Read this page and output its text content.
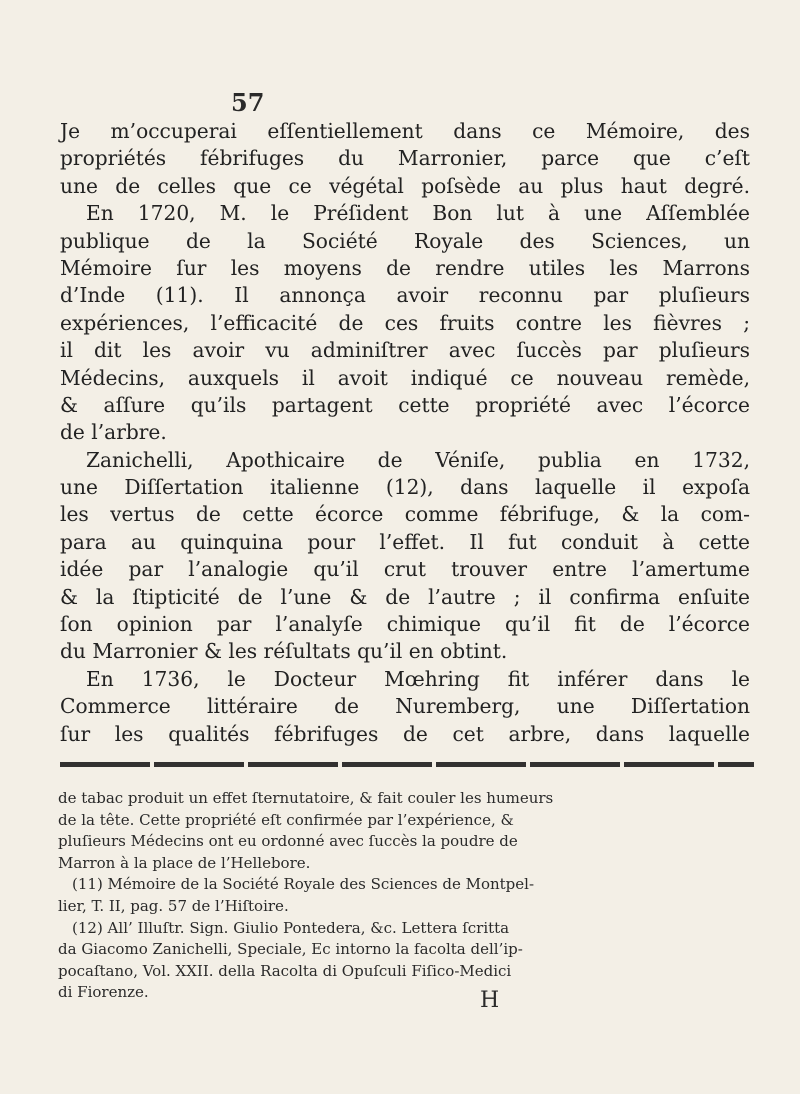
57
Je m’occuperai eſſentiellement dans ce Mémoire, des
propriétés fébrifuges du Marronier, parce que c’eſt
une de celles que ce végétal poſsède au plus haut degré.
En 1720, M. le Préſident Bon lut à une Aſſemblée
publique de la Société Royale des Sciences, un
Mémoire ſur les moyens de rendre utiles les Marrons
d’Inde (11). Il annonça avoir reconnu par pluſieurs
expériences, l’efficacité de ces fruits contre les fièvres ;
il dit les avoir vu adminiſtrer avec ſuccès par pluſieurs
Médecins, auxquels il avoit indiqué ce nouveau remède,
& aſſure qu’ils partagent cette propriété avec l’écorce
de l’arbre.
Zanichelli, Apothicaire de Véniſe, publia en 1732,
une Diſſertation italienne (12), dans laquelle il expoſa
les vertus de cette écorce comme fébrifuge, & la com-
para au quinquina pour l’effet. Il fut conduit à cette
idée par l’analogie qu’il crut trouver entre l’amertume
& la ſtipticité de l’une & de l’autre ; il confirma enſuite
ſon opinion par l’analyſe chimique qu’il fit de l’écorce
du Marronier & les réſultats qu’il en obtint.
En 1736, le Docteur Mœhring fit inférer dans le
Commerce littéraire de Nuremberg, une Diſſertation
ſur les qualités fébrifuges de cet arbre, dans laquelle
de tabac produit un effet ſternutatoire, & fait couler les humeurs
de la tête. Cette propriété eſt confirmée par l’expérience, &
pluſieurs Médecins ont eu ordonné avec ſuccès la poudre de
Marron à la place de l’Hellebore.
(11) Mémoire de la Société Royale des Sciences de Montpel-
lier, T. II, pag. 57 de l’Hiſtoire.
(12) All’ Illuſtr. Sign. Giulio Pontedera, &c. Lettera ſcritta
da Giacomo Zanichelli, Speciale, Ec intorno la facolta dell’ip-
pocaſtano, Vol. XXII. della Racolta di Opuſculi Fiſico-Medici
di Fiorenze.	H
